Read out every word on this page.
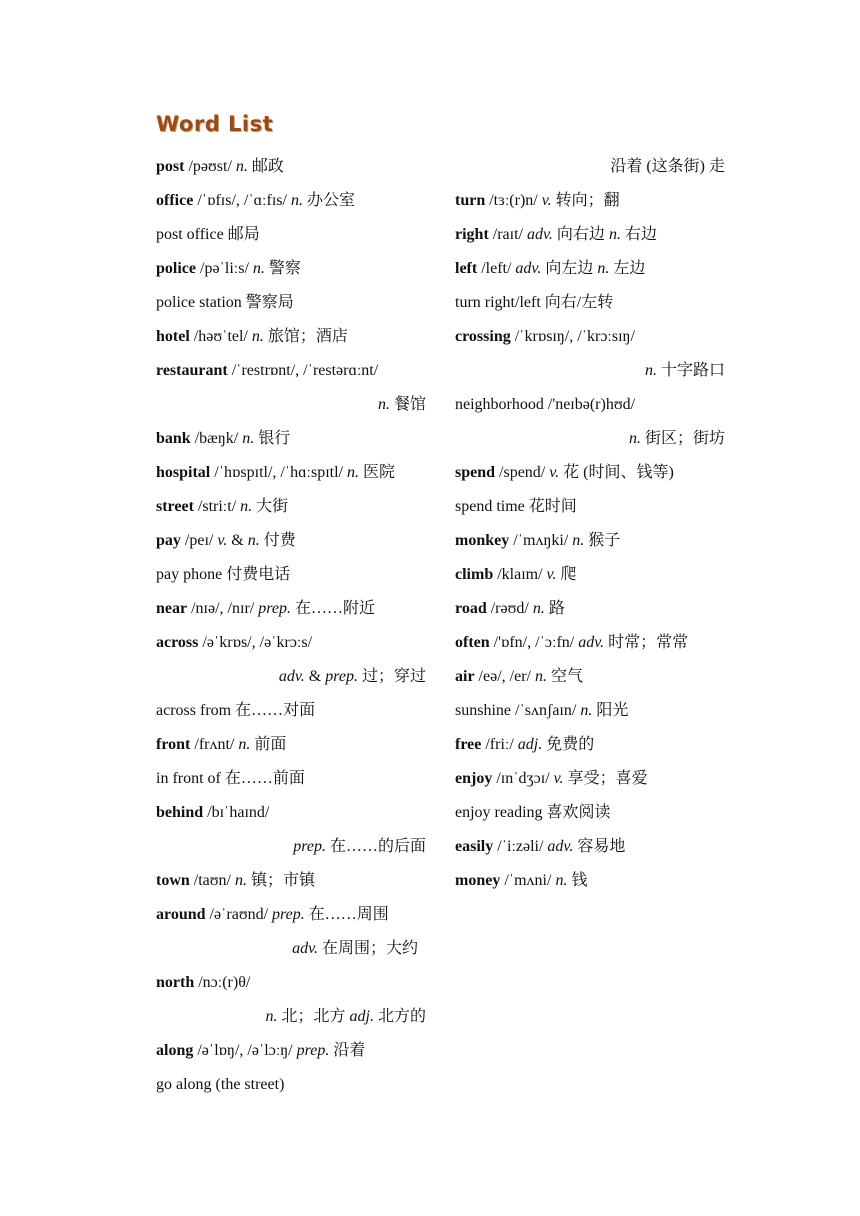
Word List
post /pəʊst/ n. 邮政
office /ˈɒfɪs/, /ˈɑːfɪs/ n. 办公室
post office 邮局
police /pəˈliːs/ n. 警察
police station 警察局
hotel /həʊˈtel/ n. 旅馆；酒店
restaurant /ˈrestrɒnt/, /ˈrestərɑːnt/
n. 餐馆
bank /bæŋk/ n. 银行
hospital /ˈhɒspɪtl/, /ˈhɑːspɪtl/ n. 医院
street /striːt/ n. 大街
pay /peɪ/ v. & n. 付费
pay phone 付费电话
near /nɪə/, /nɪr/ prep. 在……附近
across /əˈkrɒs/, /əˈkrɔːs/
adv. & prep. 过；穿过
across from 在……对面
front /frʌnt/ n. 前面
in front of 在……前面
behind /bɪˈhaɪnd/
prep. 在……的后面
town /taʊn/ n. 镇；市镇
around /əˈraʊnd/ prep. 在……周围
adv. 在周围；大约
north /nɔː(r)θ/
n. 北；北方 adj. 北方的
along /əˈlɒŋ/, /əˈlɔːŋ/ prep. 沿着
go along (the street)
沿着 (这条街) 走
turn /tɜː(r)n/ v. 转向；翻
right /raɪt/ adv. 向右边 n. 右边
left /left/ adv. 向左边 n. 左边
turn right/left 向右/左转
crossing /ˈkrɒsɪŋ/, /ˈkrɔːsɪŋ/
n. 十字路口
neighborhood /'neɪbə(r)hʊd/
n. 街区；街坊
spend /spend/ v. 花 (时间、钱等)
spend time 花时间
monkey /ˈmʌŋki/ n. 猴子
climb /klaɪm/ v. 爬
road /rəʊd/ n. 路
often /'ɒfn/, /ˈɔːfn/ adv. 时常；常常
air /eə/, /er/ n. 空气
sunshine /ˈsʌnʃaɪn/ n. 阳光
free /friː/ adj. 免费的
enjoy /ɪnˈdʒɔɪ/ v. 享受；喜爱
enjoy reading 喜欢阅读
easily /ˈiːzəli/ adv. 容易地
money /ˈmʌni/ n. 钱
